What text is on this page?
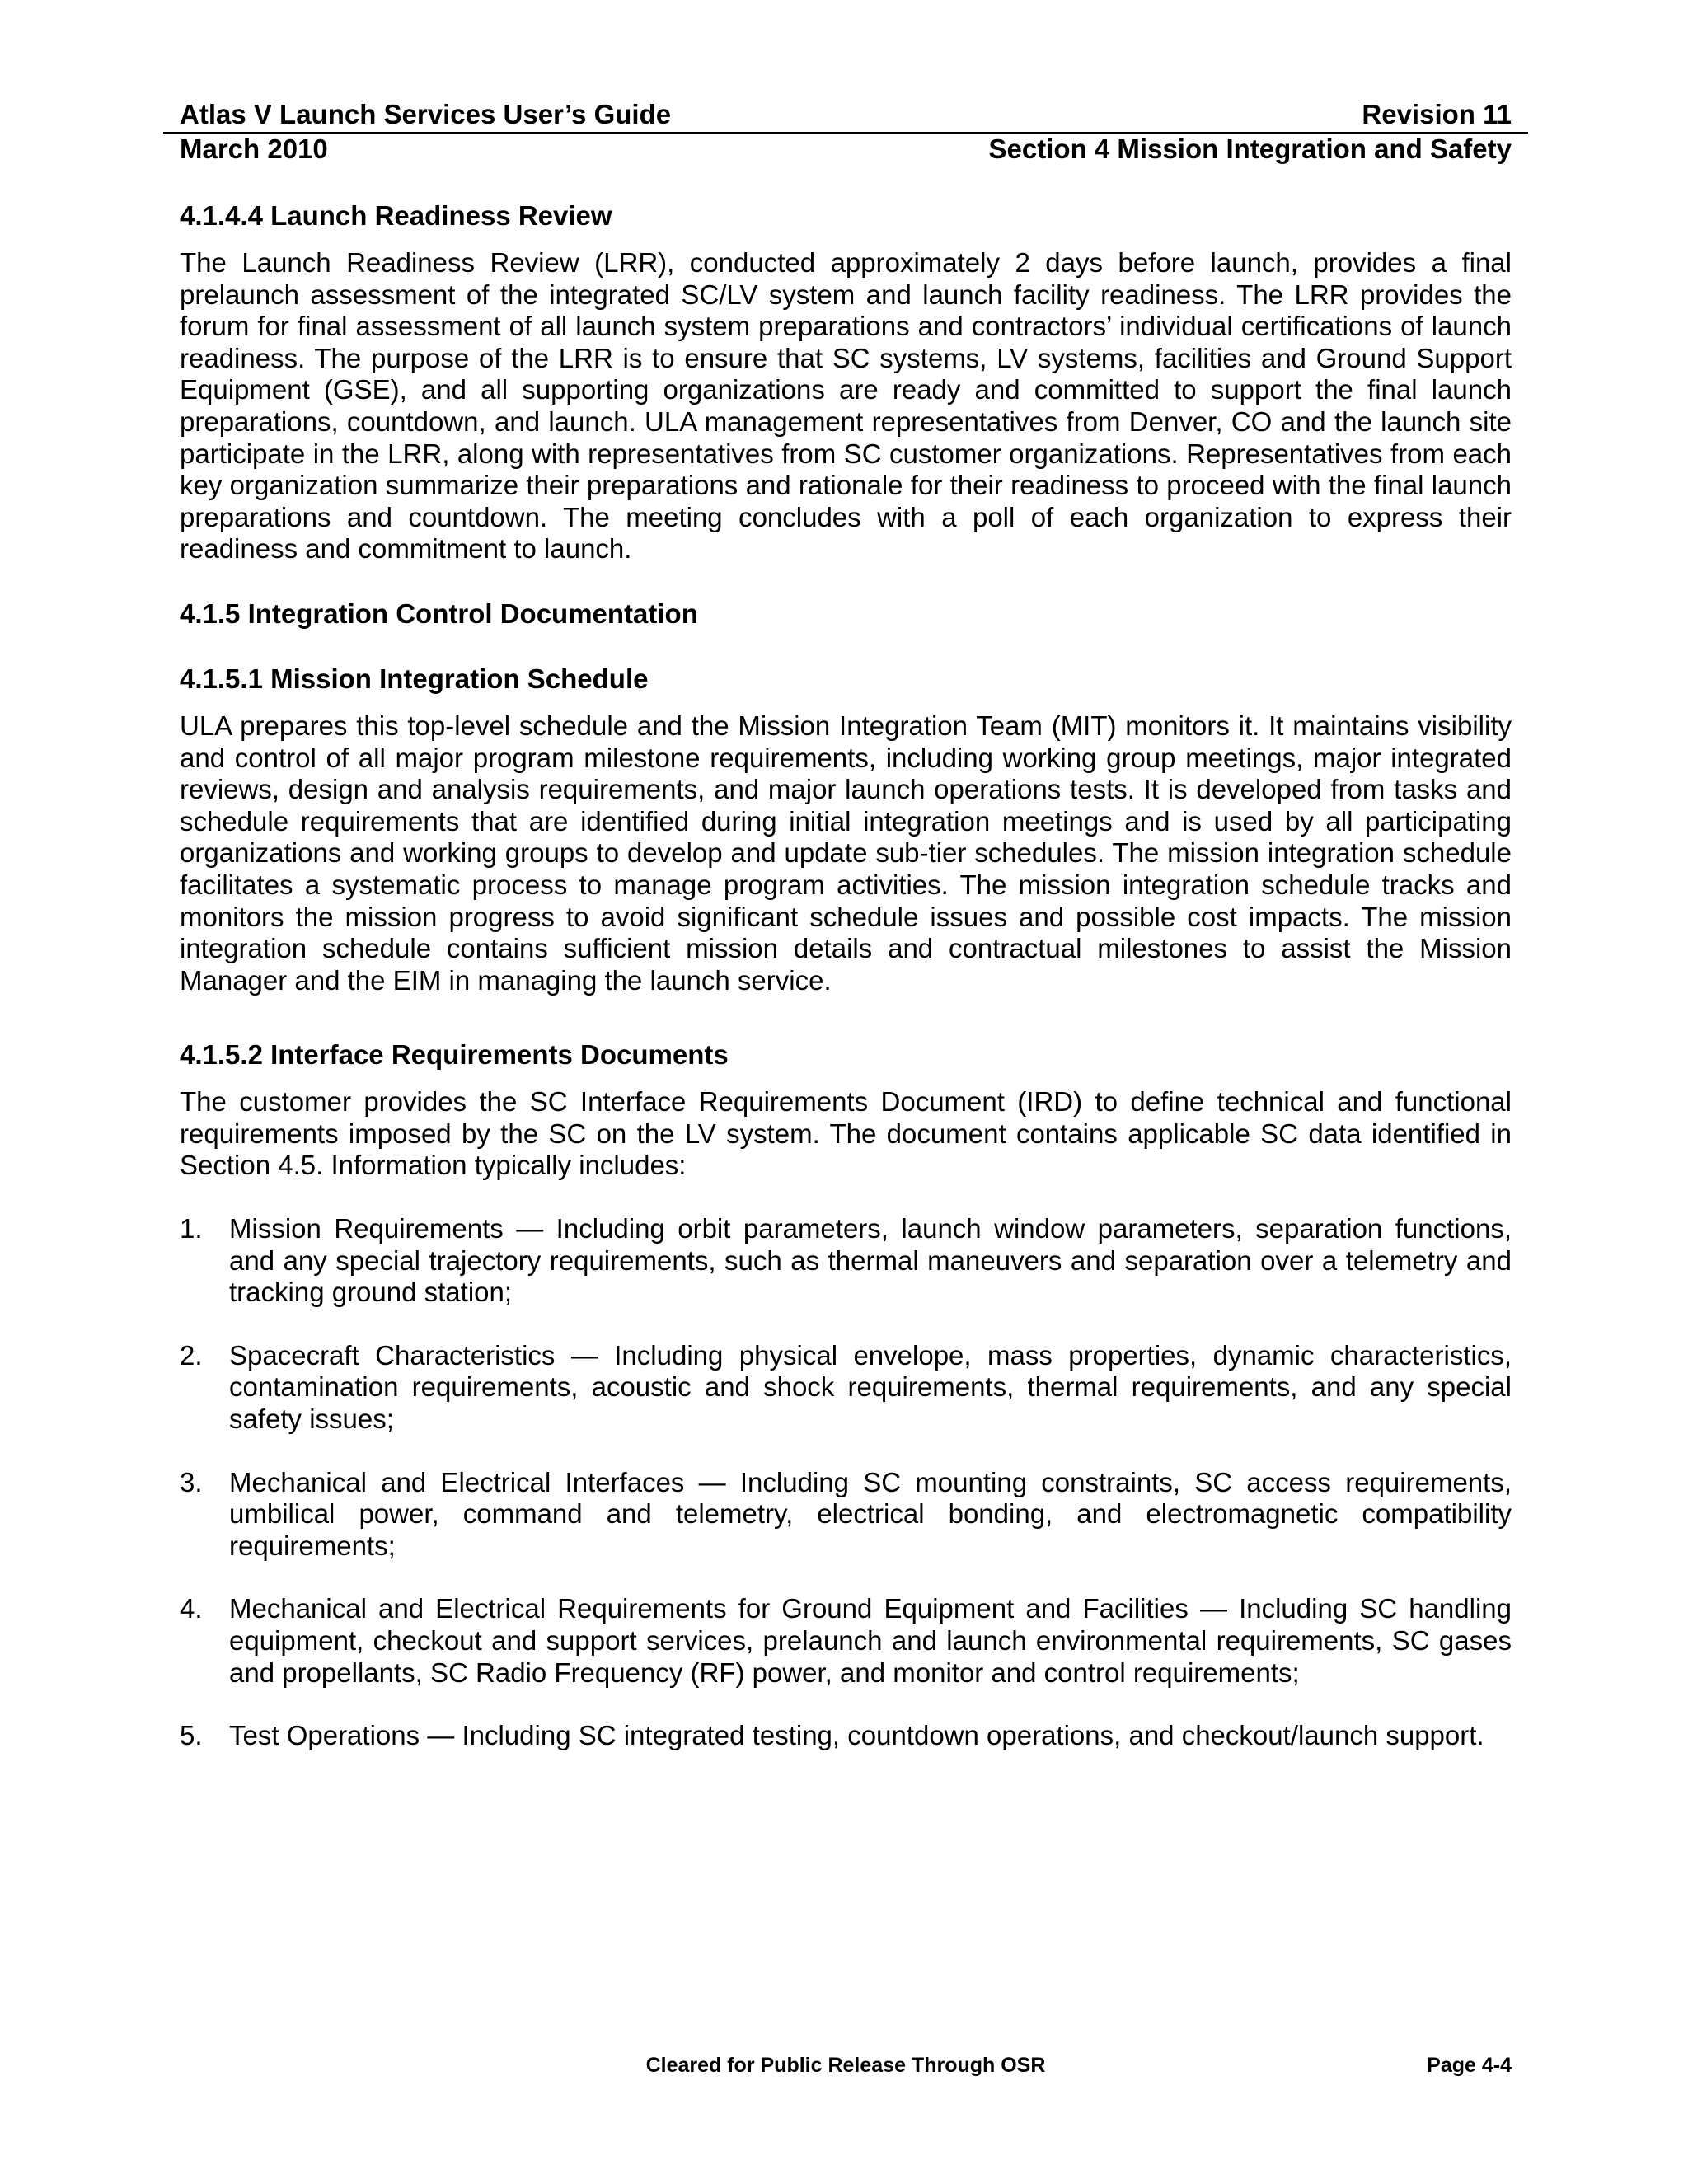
Atlas V Launch Services User’s Guide	Revision 11
March 2010	Section 4 Mission Integration and Safety
4.1.4.4 Launch Readiness Review

The Launch Readiness Review (LRR), conducted approximately 2 days before launch, provides a final prelaunch assessment of the integrated SC/LV system and launch facility readiness. The LRR provides the forum for final assessment of all launch system preparations and contractors’ individual certifications of launch readiness. The purpose of the LRR is to ensure that SC systems, LV systems, facilities and Ground Support Equipment (GSE), and all supporting organizations are ready and committed to support the final launch preparations, countdown, and launch. ULA management representatives from Denver, CO and the launch site participate in the LRR, along with representatives from SC customer organizations. Representatives from each key organization summarize their preparations and rationale for their readiness to proceed with the final launch preparations and countdown. The meeting concludes with a poll of each organization to express their readiness and commitment to launch.

4.1.5 Integration Control Documentation
4.1.5.1 Mission Integration Schedule

ULA prepares this top-level schedule and the Mission Integration Team (MIT) monitors it. It maintains visibility and control of all major program milestone requirements, including working group meetings, major integrated reviews, design and analysis requirements, and major launch operations tests. It is developed from tasks and schedule requirements that are identified during initial integration meetings and is used by all participating organizations and working groups to develop and update sub-tier schedules. The mission integration schedule facilitates a systematic process to manage program activities. The mission integration schedule tracks and monitors the mission progress to avoid significant schedule issues and possible cost impacts. The mission integration schedule contains sufficient mission details and contractual milestones to assist the Mission Manager and the EIM in managing the launch service.

4.1.5.2 Interface Requirements Documents

The customer provides the SC Interface Requirements Document (IRD) to define technical and functional requirements imposed by the SC on the LV system. The document contains applicable SC data identified in Section 4.5. Information typically includes:

1. Mission Requirements — Including orbit parameters, launch window parameters, separation functions, and any special trajectory requirements, such as thermal maneuvers and separation over a telemetry and tracking ground station;
2. Spacecraft Characteristics — Including physical envelope, mass properties, dynamic characteristics, contamination requirements, acoustic and shock requirements, thermal requirements, and any special safety issues;
3. Mechanical and Electrical Interfaces — Including SC mounting constraints, SC access requirements, umbilical power, command and telemetry, electrical bonding, and electromagnetic compatibility requirements;
4. Mechanical and Electrical Requirements for Ground Equipment and Facilities — Including SC handling equipment, checkout and support services, prelaunch and launch environmental requirements, SC gases and propellants, SC Radio Frequency (RF) power, and monitor and control requirements;
5. Test Operations — Including SC integrated testing, countdown operations, and checkout/launch support.
Cleared for Public Release Through OSR	Page 4-4
